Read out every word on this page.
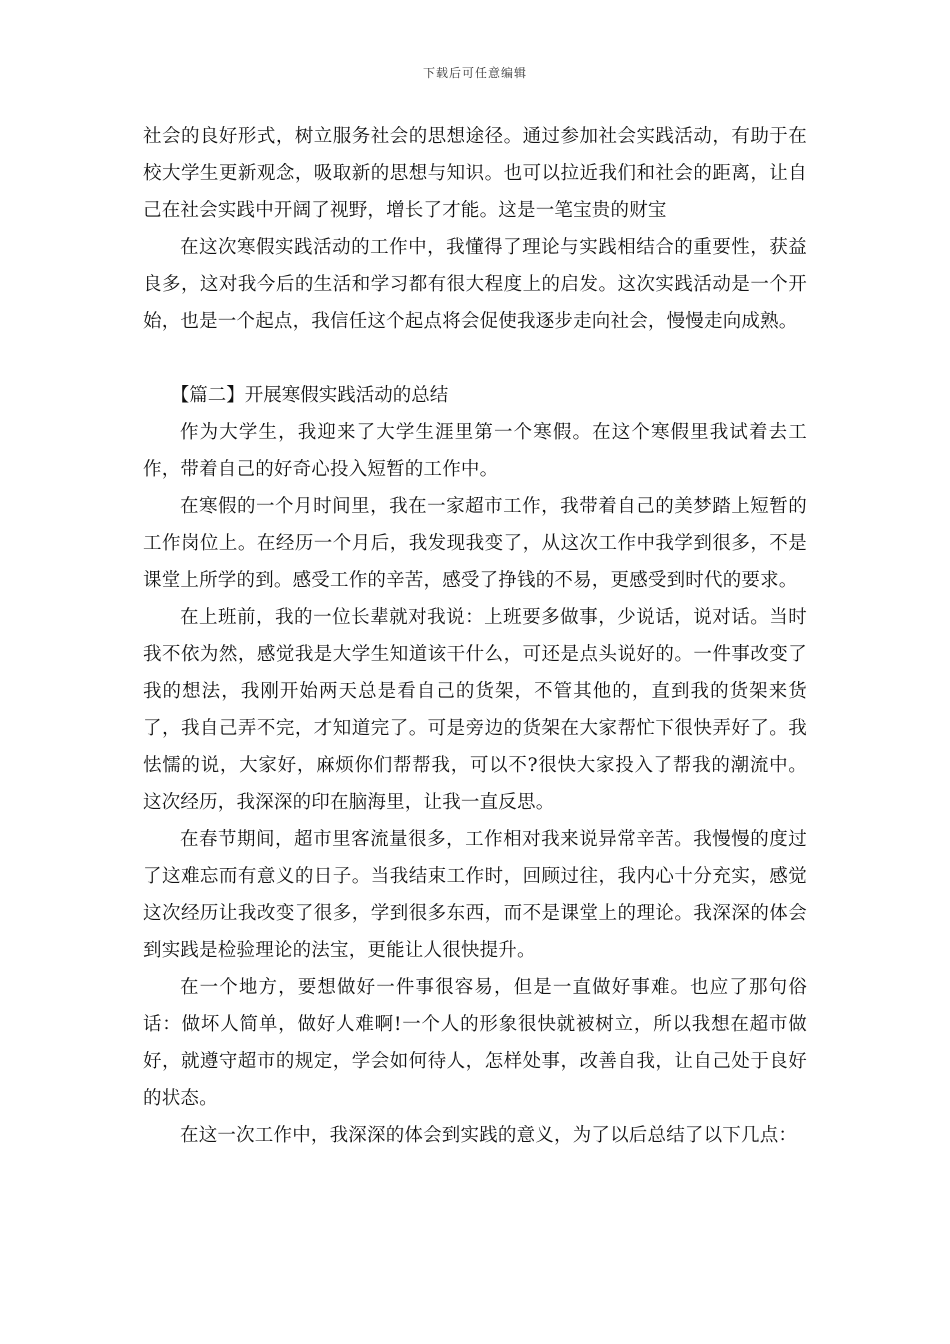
下载后可任意编辑

社会的良好形式，树立服务社会的思想途径。通过参加社会实践活动，有助于在校大学生更新观念，吸取新的思想与知识。也可以拉近我们和社会的距离，让自己在社会实践中开阔了视野，增长了才能。这是一笔宝贵的财宝

在这次寒假实践活动的工作中，我懂得了理论与实践相结合的重要性，获益良多，这对我今后的生活和学习都有很大程度上的启发。这次实践活动是一个开始，也是一个起点，我信任这个起点将会促使我逐步走向社会，慢慢走向成熟。

【篇二】开展寒假实践活动的总结

作为大学生，我迎来了大学生涯里第一个寒假。在这个寒假里我试着去工作，带着自己的好奇心投入短暂的工作中。

在寒假的一个月时间里，我在一家超市工作，我带着自己的美梦踏上短暂的工作岗位上。在经历一个月后，我发现我变了，从这次工作中我学到很多，不是课堂上所学的到。感受工作的辛苦，感受了挣钱的不易，更感受到时代的要求。

在上班前，我的一位长辈就对我说：上班要多做事，少说话，说对话。当时我不依为然，感觉我是大学生知道该干什么，可还是点头说好的。一件事改变了我的想法，我刚开始两天总是看自己的货架，不管其他的，直到我的货架来货了，我自己弄不完，才知道完了。可是旁边的货架在大家帮忙下很快弄好了。我怯懦的说，大家好，麻烦你们帮帮我，可以不?很快大家投入了帮我的潮流中。这次经历，我深深的印在脑海里，让我一直反思。

在春节期间，超市里客流量很多，工作相对我来说异常辛苦。我慢慢的度过了这难忘而有意义的日子。当我结束工作时，回顾过往，我内心十分充实，感觉这次经历让我改变了很多，学到很多东西，而不是课堂上的理论。我深深的体会到实践是检验理论的法宝，更能让人很快提升。

在一个地方，要想做好一件事很容易，但是一直做好事难。也应了那句俗话：做坏人简单，做好人难啊!一个人的形象很快就被树立，所以我想在超市做好，就遵守超市的规定，学会如何待人，怎样处事，改善自我，让自己处于良好的状态。

在这一次工作中，我深深的体会到实践的意义，为了以后总结了以下几点：
